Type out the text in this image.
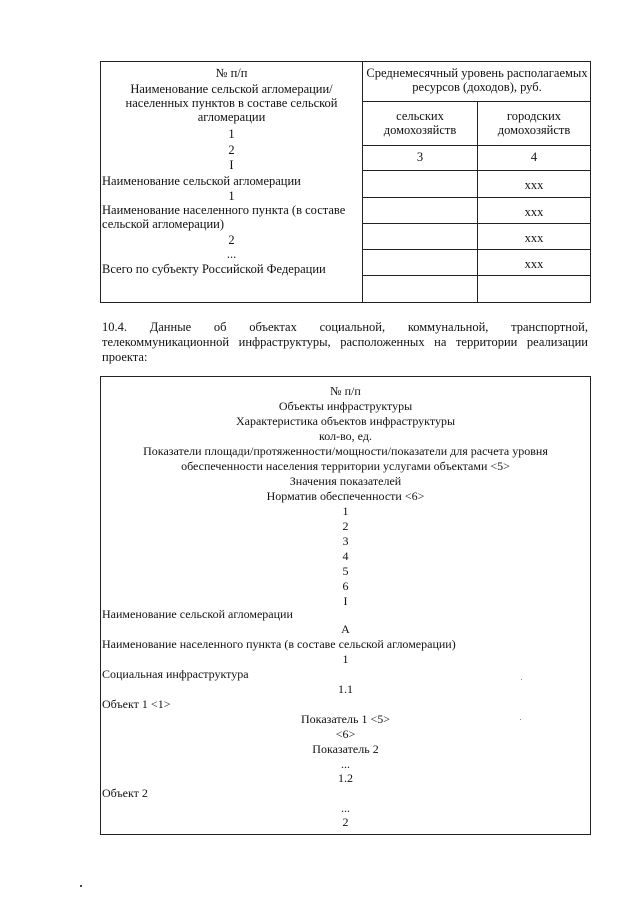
№ п/п
Наименование сельской агломерации/населенных пунктов в составе сельской агломерации
1
2
I
Среднемесячный уровень располагаемых ресурсов (доходов), руб.
сельских домохозяйств
городских домохозяйств
3	4
Наименование сельской агломерации
1
Наименование населенного пункта (в составе сельской агломерации)
2
...
Всего по субъекту Российской Федерации
ххх
ххх
ххх
ххх
10.4. Данные об объектах социальной, коммунальной, транспортной, телекоммуникационной инфраструктуры, расположенных на территории реализации проекта:
№ п/п
Объекты инфраструктуры
Характеристика объектов инфраструктуры
кол-во, ед.
Показатели площади/протяженности/мощности/показатели для расчета уровня
обеспеченности населения территории услугами объектами <5>
Значения показателей
Норматив обеспеченности <6>
1
2
3
4
5
6
I
Наименование сельской агломерации
A
Наименование населенного пункта (в составе сельской агломерации)
1
Социальная инфраструктура
1.1
Объект 1 <1>
Показатель 1 <5>
<6>
Показатель 2
...
1.2
Объект 2
...
2
